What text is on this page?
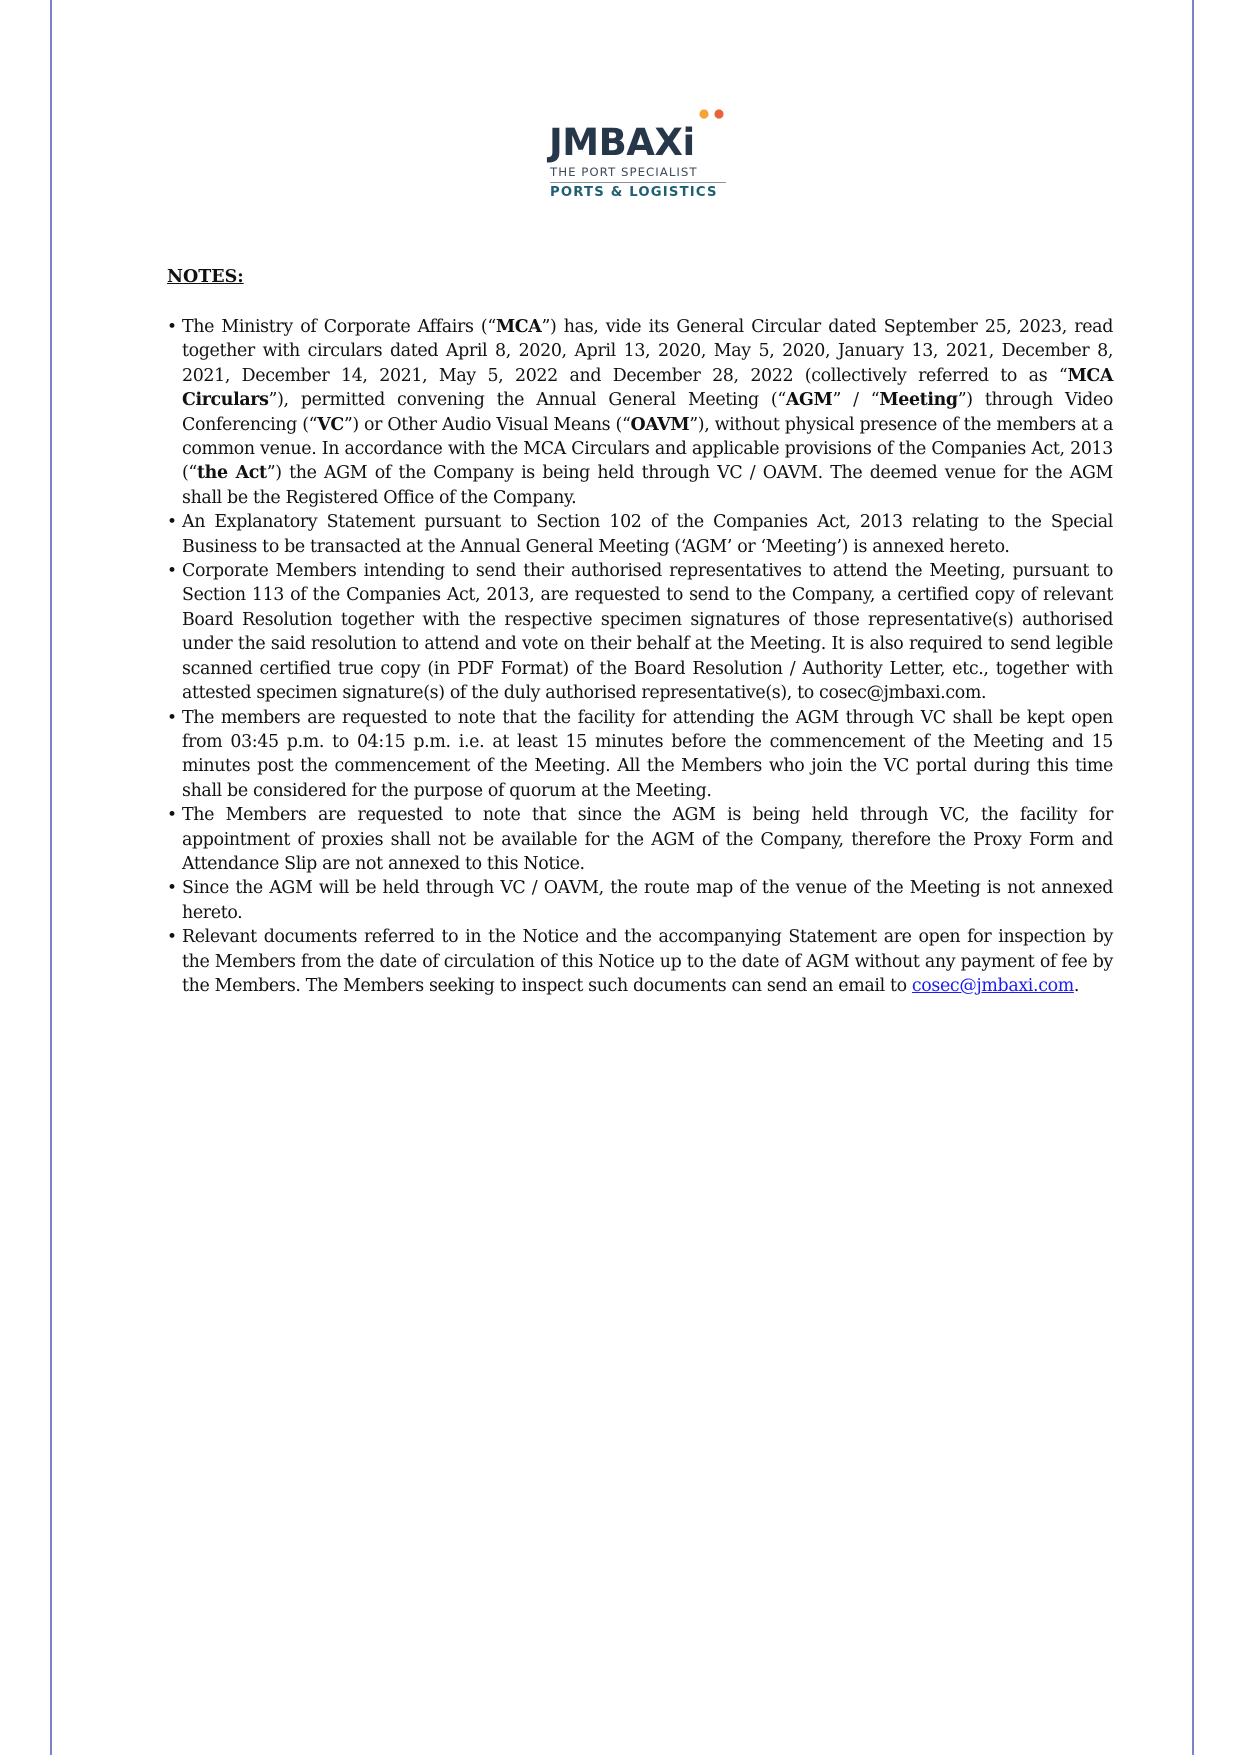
JMBAXi
THE PORT SPECIALIST
PORTS & LOGISTICS
NOTES:
• The Ministry of Corporate Affairs (“MCA”) has, vide its General Circular dated September 25, 2023, read together with circulars dated April 8, 2020, April 13, 2020, May 5, 2020, January 13, 2021, December 8, 2021, December 14, 2021, May 5, 2022 and December 28, 2022 (collectively referred to as “MCA Circulars”), permitted convening the Annual General Meeting (“AGM” / “Meeting”) through Video Conferencing (“VC”) or Other Audio Visual Means (“OAVM”), without physical presence of the members at a common venue. In accordance with the MCA Circulars and applicable provisions of the Companies Act, 2013 (“the Act”) the AGM of the Company is being held through VC / OAVM. The deemed venue for the AGM shall be the Registered Office of the Company.
• An Explanatory Statement pursuant to Section 102 of the Companies Act, 2013 relating to the Special Business to be transacted at the Annual General Meeting (‘AGM’ or ‘Meeting’) is annexed hereto.
• Corporate Members intending to send their authorised representatives to attend the Meeting, pursuant to Section 113 of the Companies Act, 2013, are requested to send to the Company, a certified copy of relevant Board Resolution together with the respective specimen signatures of those representative(s) authorised under the said resolution to attend and vote on their behalf at the Meeting. It is also required to send legible scanned certified true copy (in PDF Format) of the Board Resolution / Authority Letter, etc., together with attested specimen signature(s) of the duly authorised representative(s), to cosec@jmbaxi.com.
• The members are requested to note that the facility for attending the AGM through VC shall be kept open from 03:45 p.m. to 04:15 p.m. i.e. at least 15 minutes before the commencement of the Meeting and 15 minutes post the commencement of the Meeting. All the Members who join the VC portal during this time shall be considered for the purpose of quorum at the Meeting.
• The Members are requested to note that since the AGM is being held through VC, the facility for appointment of proxies shall not be available for the AGM of the Company, therefore the Proxy Form and Attendance Slip are not annexed to this Notice.
• Since the AGM will be held through VC / OAVM, the route map of the venue of the Meeting is not annexed hereto.
• Relevant documents referred to in the Notice and the accompanying Statement are open for inspection by the Members from the date of circulation of this Notice up to the date of AGM without any payment of fee by the Members. The Members seeking to inspect such documents can send an email to cosec@jmbaxi.com.
